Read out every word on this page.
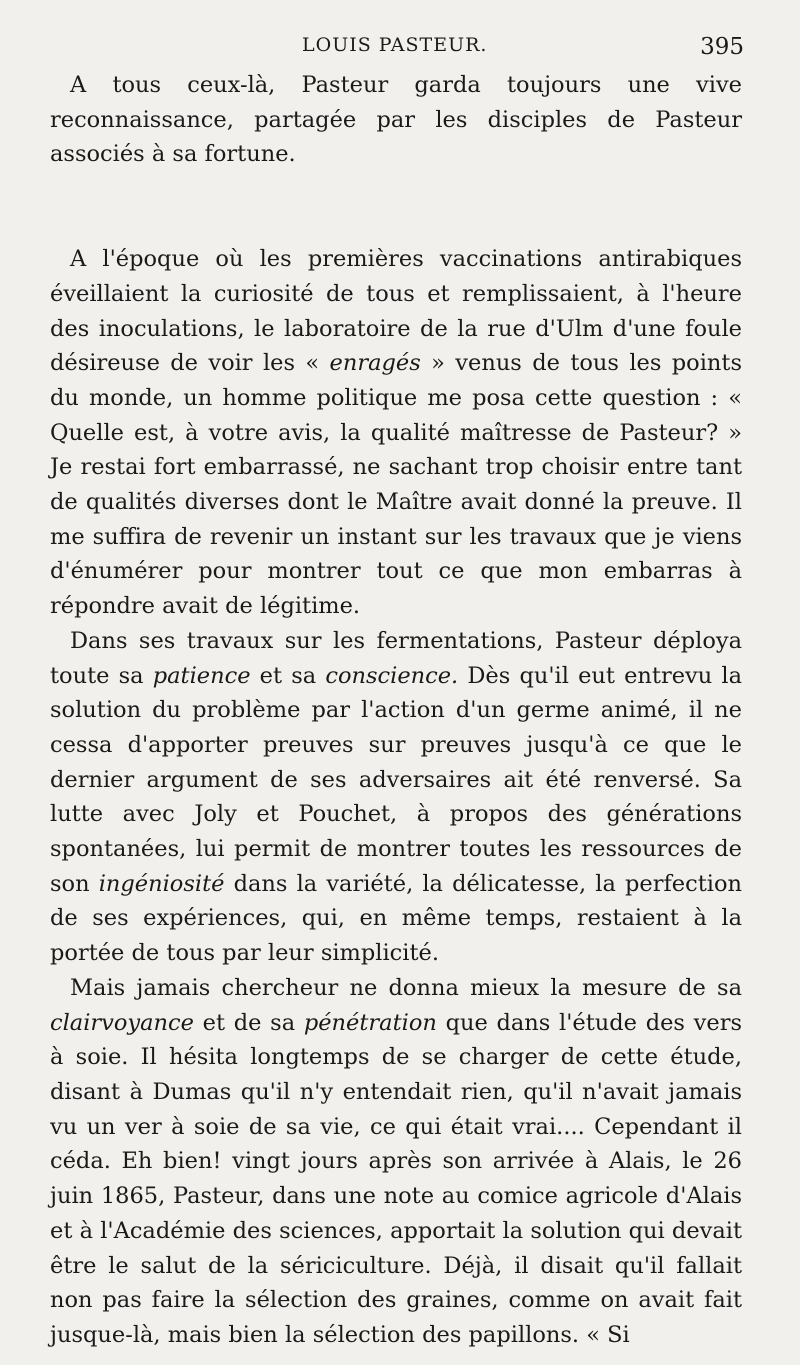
LOUIS PASTEUR.	395

A tous ceux-là, Pasteur garda toujours une vive reconnaissance, partagée par les disciples de Pasteur associés à sa fortune.

A l'époque où les premières vaccinations antirabiques éveillaient la curiosité de tous et remplissaient, à l'heure des inoculations, le laboratoire de la rue d'Ulm d'une foule désireuse de voir les « enragés » venus de tous les points du monde, un homme politique me posa cette question : « Quelle est, à votre avis, la qualité maîtresse de Pasteur? » Je restai fort embarrassé, ne sachant trop choisir entre tant de qualités diverses dont le Maître avait donné la preuve. Il me suffira de revenir un instant sur les travaux que je viens d'énumérer pour montrer tout ce que mon embarras à répondre avait de légitime.

Dans ses travaux sur les fermentations, Pasteur déploya toute sa patience et sa conscience. Dès qu'il eut entrevu la solution du problème par l'action d'un germe animé, il ne cessa d'apporter preuves sur preuves jusqu'à ce que le dernier argument de ses adversaires ait été renversé. Sa lutte avec Joly et Pouchet, à propos des générations spontanées, lui permit de montrer toutes les ressources de son ingéniosité dans la variété, la délicatesse, la perfection de ses expériences, qui, en même temps, restaient à la portée de tous par leur simplicité.

Mais jamais chercheur ne donna mieux la mesure de sa clairvoyance et de sa pénétration que dans l'étude des vers à soie. Il hésita longtemps de se charger de cette étude, disant à Dumas qu'il n'y entendait rien, qu'il n'avait jamais vu un ver à soie de sa vie, ce qui était vrai.... Cependant il céda. Eh bien! vingt jours après son arrivée à Alais, le 26 juin 1865, Pasteur, dans une note au comice agricole d'Alais et à l'Académie des sciences, apportait la solution qui devait être le salut de la sériciculture. Déjà, il disait qu'il fallait non pas faire la sélection des graines, comme on avait fait jusque-là, mais bien la sélection des papillons. « Si
